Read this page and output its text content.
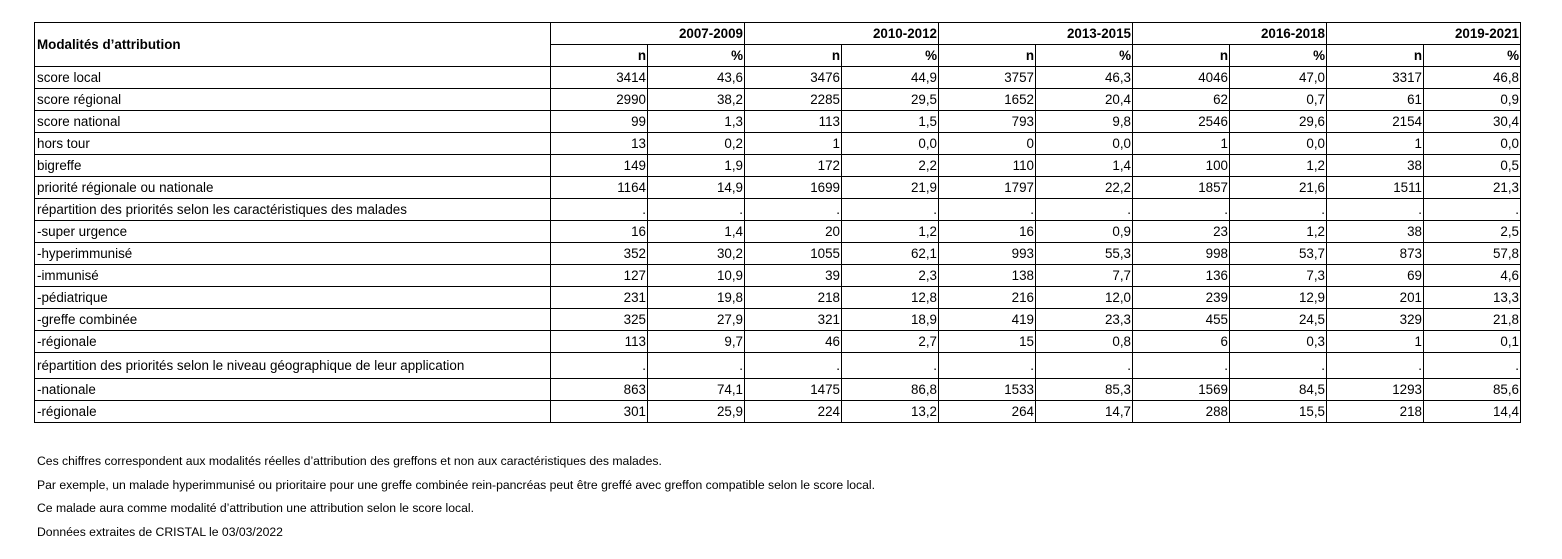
Modalités d’attribution	2007-2009		2010-2012		2013-2015		2016-2018		2019-2021	
	n	%	n	%	n	%	n	%	n	%
score local	3414	43,6	3476	44,9	3757	46,3	4046	47,0	3317	46,8
score régional	2990	38,2	2285	29,5	1652	20,4	62	0,7	61	0,9
score national	99	1,3	113	1,5	793	9,8	2546	29,6	2154	30,4
hors tour	13	0,2	1	0,0	0	0,0	1	0,0	1	0,0
bigreffe	149	1,9	172	2,2	110	1,4	100	1,2	38	0,5
priorité régionale ou nationale	1164	14,9	1699	21,9	1797	22,2	1857	21,6	1511	21,3
répartition des priorités selon les caractéristiques des malades	.	.	.	.	.	.	.	.	.	.
-super urgence	16	1,4	20	1,2	16	0,9	23	1,2	38	2,5
-hyperimmunisé	352	30,2	1055	62,1	993	55,3	998	53,7	873	57,8
-immunisé	127	10,9	39	2,3	138	7,7	136	7,3	69	4,6
-pédiatrique	231	19,8	218	12,8	216	12,0	239	12,9	201	13,3
-greffe combinée	325	27,9	321	18,9	419	23,3	455	24,5	329	21,8
-régionale	113	9,7	46	2,7	15	0,8	6	0,3	1	0,1
répartition des priorités selon le niveau géographique de leur application	.	.	.	.	.	.	.	.	.	.
-nationale	863	74,1	1475	86,8	1533	85,3	1569	84,5	1293	85,6
-régionale	301	25,9	224	13,2	264	14,7	288	15,5	218	14,4

Ces chiffres correspondent aux modalités réelles d’attribution des greffons et non aux caractéristiques des malades.

Par exemple, un malade hyperimmunisé ou prioritaire pour une greffe combinée rein-pancréas peut être greffé avec greffon compatible selon le score local.

Ce malade aura comme modalité d’attribution une attribution selon le score local.

Données extraites de CRISTAL le 03/03/2022
